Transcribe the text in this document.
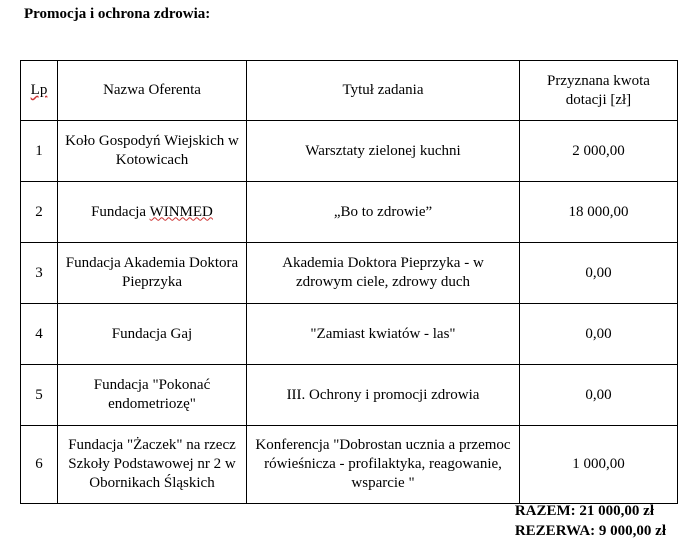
Promocja i ochrona zdrowia:
Lp	Nazwa Oferenta	Tytuł zadania	Przyznana kwota dotacji [zł]
1	Koło Gospodyń Wiejskich w Kotowicach	Warsztaty zielonej kuchni	2 000,00
2	Fundacja WINMED	„Bo to zdrowie”	18 000,00
3	Fundacja Akademia Doktora Pieprzyka	Akademia Doktora Pieprzyka - w zdrowym ciele, zdrowy duch	0,00
4	Fundacja Gaj	"Zamiast kwiatów - las"	0,00
5	Fundacja "Pokonać endometriozę"	III. Ochrony i promocji zdrowia	0,00
6	Fundacja "Żaczek" na rzecz Szkoły Podstawowej nr 2 w Obornikach Śląskich	Konferencja "Dobrostan ucznia a przemoc rówieśnicza - profilaktyka, reagowanie, wsparcie "	1 000,00
RAZEM: 21 000,00 zł
REZERWA: 9 000,00 zł
